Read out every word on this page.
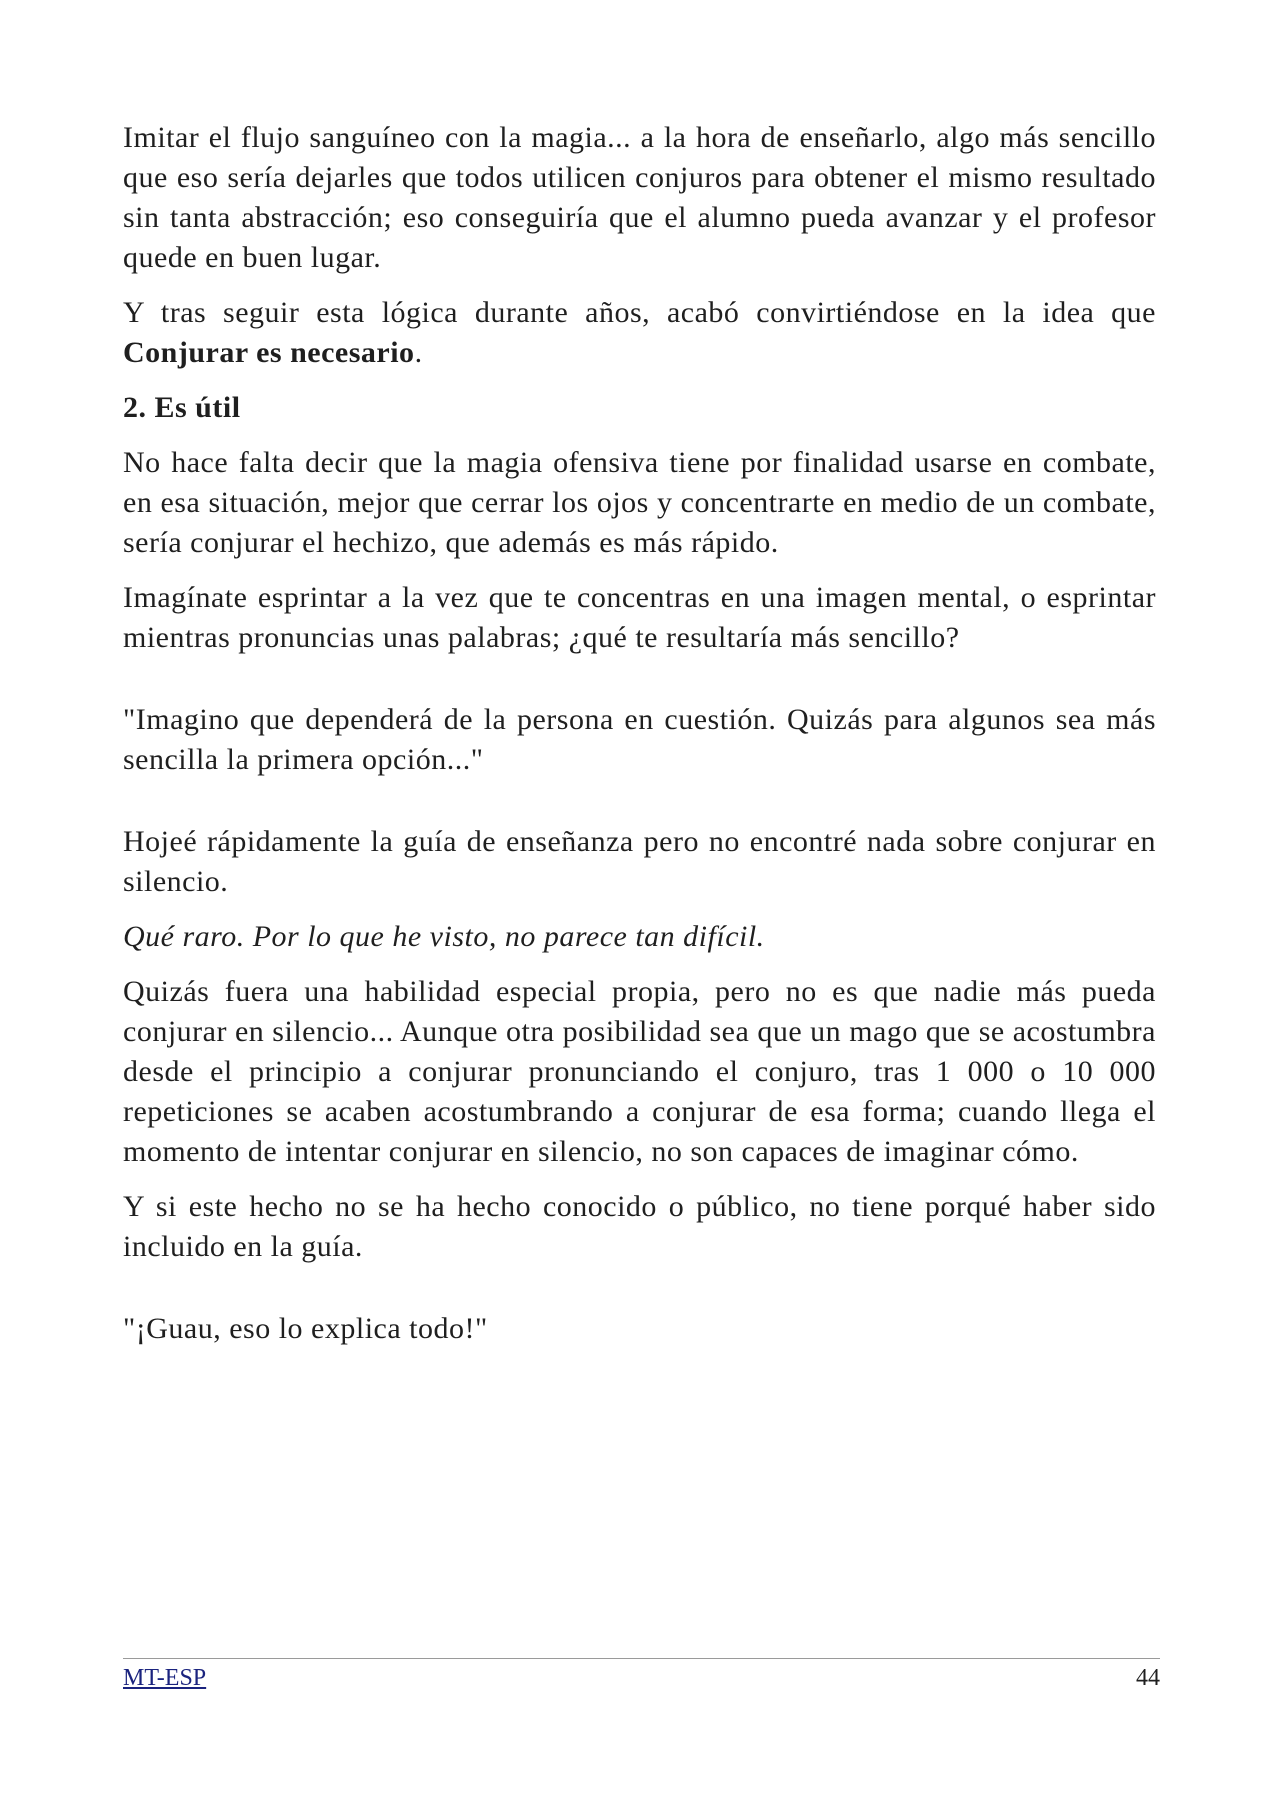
Imitar el flujo sanguíneo con la magia... a la hora de enseñarlo, algo más sencillo que eso sería dejarles que todos utilicen conjuros para obtener el mismo resultado sin tanta abstracción; eso conseguiría que el alumno pueda avanzar y el profesor quede en buen lugar.

Y tras seguir esta lógica durante años, acabó convirtiéndose en la idea que Conjurar es necesario.

2. Es útil

No hace falta decir que la magia ofensiva tiene por finalidad usarse en combate, en esa situación, mejor que cerrar los ojos y concentrarte en medio de un combate, sería conjurar el hechizo, que además es más rápido.

Imagínate esprintar a la vez que te concentras en una imagen mental, o esprintar mientras pronuncias unas palabras; ¿qué te resultaría más sencillo?

"Imagino que dependerá de la persona en cuestión. Quizás para algunos sea más sencilla la primera opción..."

Hojeé rápidamente la guía de enseñanza pero no encontré nada sobre conjurar en silencio.

Qué raro. Por lo que he visto, no parece tan difícil.

Quizás fuera una habilidad especial propia, pero no es que nadie más pueda conjurar en silencio... Aunque otra posibilidad sea que un mago que se acostumbra desde el principio a conjurar pronunciando el conjuro, tras 1 000 o 10 000 repeticiones se acaben acostumbrando a conjurar de esa forma; cuando llega el momento de intentar conjurar en silencio, no son capaces de imaginar cómo.

Y si este hecho no se ha hecho conocido o público, no tiene porqué haber sido incluido en la guía.

"¡Guau, eso lo explica todo!"

MT-ESP	44
